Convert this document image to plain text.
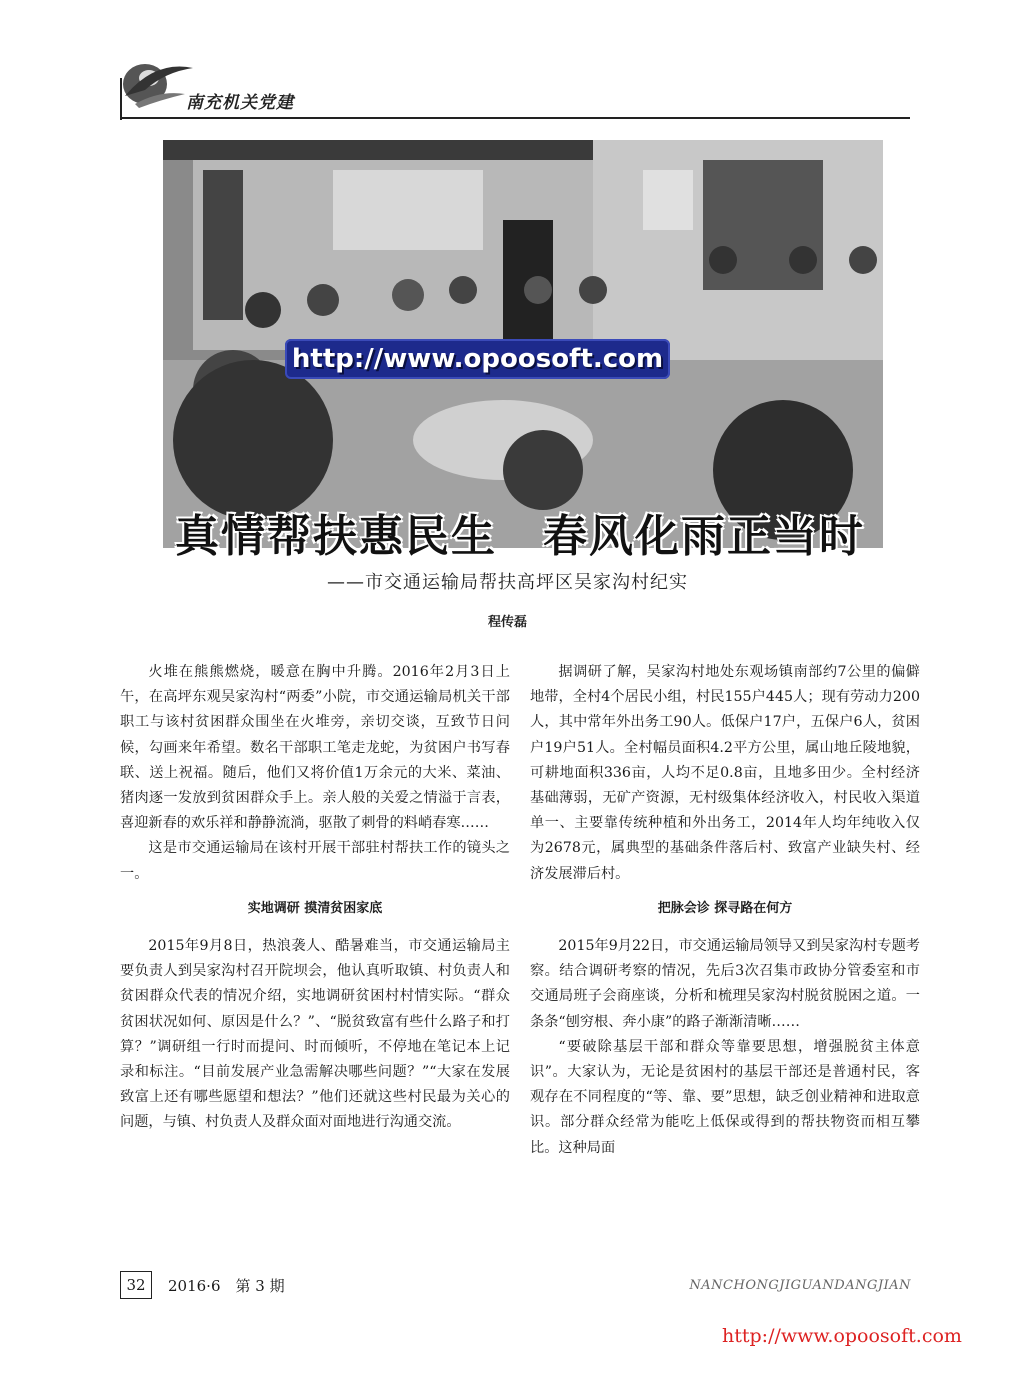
南充机关党建
http://www.opoosoft.com
真情帮扶惠民生　春风化雨正当时
——市交通运输局帮扶高坪区吴家沟村纪实
程传磊

火堆在熊熊燃烧，暖意在胸中升腾。2016年2月3日上午，在高坪东观吴家沟村“两委”小院，市交通运输局机关干部职工与该村贫困群众围坐在火堆旁，亲切交谈，互致节日问候，勾画来年希望。数名干部职工笔走龙蛇，为贫困户书写春联、送上祝福。随后，他们又将价值1万余元的大米、菜油、猪肉逐一发放到贫困群众手上。亲人般的关爱之情溢于言表，喜迎新春的欢乐祥和静静流淌，驱散了刺骨的料峭春寒……

这是市交通运输局在该村开展干部驻村帮扶工作的镜头之一。

实地调研 摸清贫困家底

2015年9月8日，热浪袭人、酷暑难当，市交通运输局主要负责人到吴家沟村召开院坝会，他认真听取镇、村负责人和贫困群众代表的情况介绍，实地调研贫困村村情实际。“群众贫困状况如何、原因是什么？”、“脱贫致富有些什么路子和打算？”调研组一行时而提问、时而倾听，不停地在笔记本上记录和标注。“目前发展产业急需解决哪些问题？”“大家在发展致富上还有哪些愿望和想法？”他们还就这些村民最为关心的问题，与镇、村负责人及群众面对面地进行沟通交流。

据调研了解，吴家沟村地处东观场镇南部约7公里的偏僻地带，全村4个居民小组，村民155户445人；现有劳动力200人，其中常年外出务工90人。低保户17户，五保户6人，贫困户19户51人。全村幅员面积4.2平方公里，属山地丘陵地貌，可耕地面积336亩，人均不足0.8亩，且地多田少。全村经济基础薄弱，无矿产资源，无村级集体经济收入，村民收入渠道单一、主要靠传统种植和外出务工，2014年人均年纯收入仅为2678元，属典型的基础条件落后村、致富产业缺失村、经济发展滞后村。

把脉会诊 探寻路在何方

2015年9月22日，市交通运输局领导又到吴家沟村专题考察。结合调研考察的情况，先后3次召集市政协分管委室和市交通局班子会商座谈，分析和梳理吴家沟村脱贫脱困之道。一条条“刨穷根、奔小康”的路子渐渐清晰……

“要破除基层干部和群众等靠要思想，增强脱贫主体意识”。大家认为，无论是贫困村的基层干部还是普通村民，客观存在不同程度的“等、靠、要”思想，缺乏创业精神和进取意识。部分群众经常为能吃上低保或得到的帮扶物资而相互攀比。这种局面

32	2016·6　第 3 期	NANCHONGJIGUANDANGJIAN
http://www.opoosoft.com
